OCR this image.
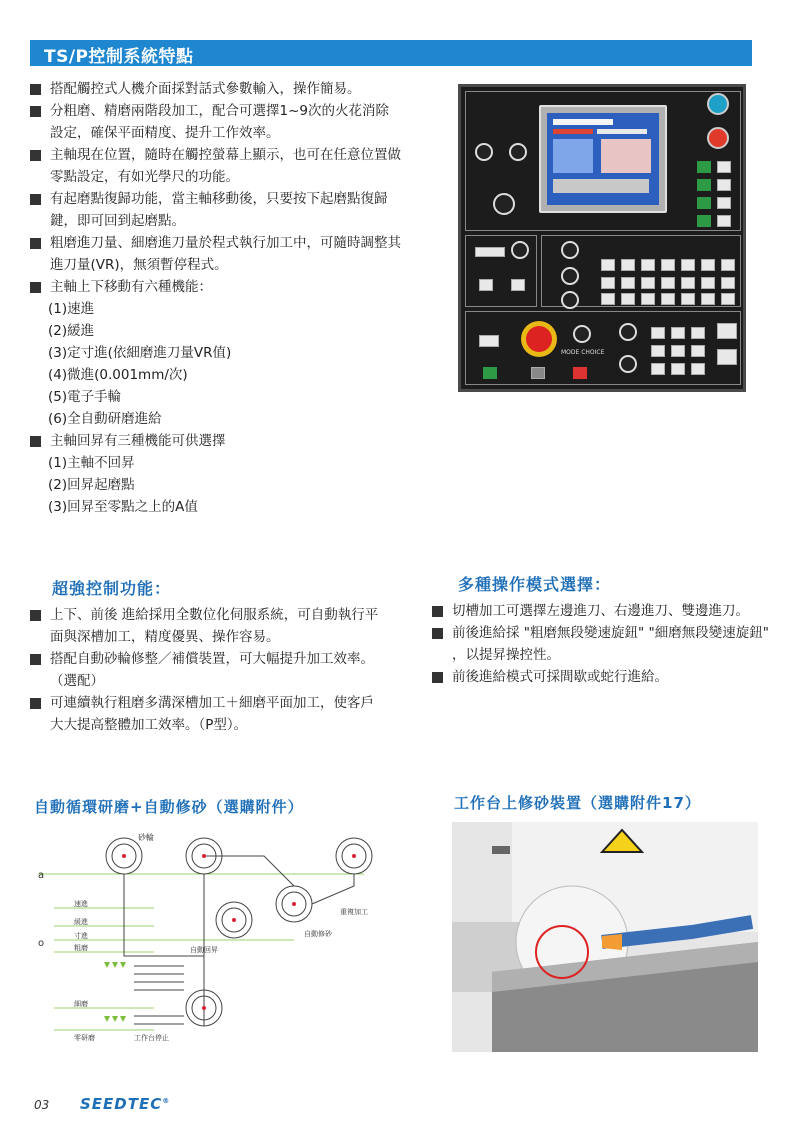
TS/P控制系統特點
搭配觸控式人機介面採對話式參數輸入，操作簡易。
分粗磨、精磨兩階段加工，配合可選擇1~9次的火花消除設定，確保平面精度、提升工作效率。
主軸現在位置，隨時在觸控螢幕上顯示，也可在任意位置做零點設定，有如光學尺的功能。
有起磨點復歸功能，當主軸移動後，只要按下起磨點復歸鍵，即可回到起磨點。
粗磨進刀量、細磨進刀量於程式執行加工中，可隨時調整其進刀量(VR)，無須暫停程式。
主軸上下移動有六種機能：
(1)速進
(2)緩進
(3)定寸進(依細磨進刀量VR值)
(4)微進(0.001mm/次)
(5)電子手輪
(6)全自動研磨進給
主軸回昇有三種機能可供選擇
(1)主軸不回昇
(2)回昇起磨點
(3)回昇至零點之上的A值
MODE CHOICE
超強控制功能：
上下、前後 進給採用全數位化伺服系統，可自動執行平面與深槽加工，精度優異、操作容易。
搭配自動砂輪修整／補償裝置，可大幅提升加工效率。（選配）
可連續執行粗磨多溝深槽加工＋細磨平面加工，使客戶大大提高整體加工效率。（P型）。
多種操作模式選擇：
切槽加工可選擇左邊進刀、右邊進刀、雙邊進刀。
前後進給採 "粗磨無段變速旋鈕" "細磨無段變速旋鈕" ，以提昇操控性。
前後進給模式可採間歇或蛇行進給。
自動循環研磨+自動修砂（選購附件）
砂輪
a
o
速進
緩進
寸進
粗磨
細磨
零研磨	工作台停止
自動回昇
自動修砂
重複加工
工作台上修砂裝置（選購附件17）
03 SEEDTEC®
